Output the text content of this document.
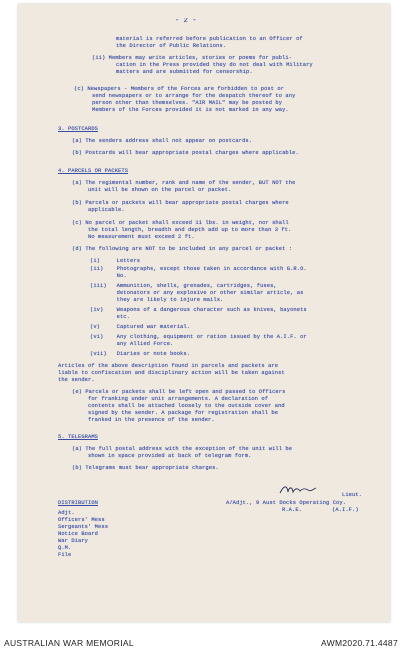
- 2 -
material is referred before publication to an Officer of
the Director of Public Relations.
(ii) Members may write articles, stories or poems for publi-
cation in the Press provided they do not deal with Military
matters and are submitted for censorship.
(c) Newspapers - Members of the Forces are forbidden to post or
send newspapers or to arrange for the despatch thereof to any
person other than themselves. "AIR MAIL" may be posted by
Members of the Forces provided it is not marked in any way.
3. POSTCARDS
(a) The senders address shall not appear on postcards.
(b) Postcards will bear appropriate postal charges where applicable.
4. PARCELS OR PACKETS
(a) The regimental number, rank and name of the sender, BUT NOT the
unit will be shown on the parcel or packet.
(b) Parcels or packets will bear appropriate postal charges where
applicable.
(c) No parcel or packet shall exceed 11 lbs. in weight, nor shall
the total length, breadth and depth add up to more than 3 ft.
No measurement must exceed 2 ft.
(d) The following are NOT to be included in any parcel or packet :
(i)     Letters
(ii)    Photographs, except those taken in accordance with G.R.O.
No.
(iii)   Ammunition, shells, grenades, cartridges, fuses,
detonators or any explosive or other similar article, as
they are likely to injure mails.
(iv)    Weapons of a dangerous character such as knives, bayonets
etc.
(v)     Captured war material.
(vi)    Any clothing, equipment or ration issued by the A.I.F. or
any Allied Force.
(vii)   Diaries or note books.
Articles of the above description found in parcels and packets are
liable to confiscation and disciplinary action will be taken against
the sender.
(e) Parcels or packets shall be left open and passed to Officers
for franking under unit arrangements. A declaration of
contents shall be attached loosely to the outside cover and
signed by the sender. A package for registration shall be
franked in the presence of the sender.
5. TELEGRAMS
(a) The full postal address with the exception of the unit will be
shown in space provided at back of telegram form.
(b) Telegrams must bear appropriate charges.
Lieut.
A/Adjt., 9 Aust Docks Operating Coy.
R.A.E.	(A.I.F.)
DISTRIBUTION
Adjt.
Officers' Mess
Sergeants' Mess
Notice Board
War Diary
Q.M.
File
AUSTRALIAN WAR MEMORIAL	AWM2020.71.4487
